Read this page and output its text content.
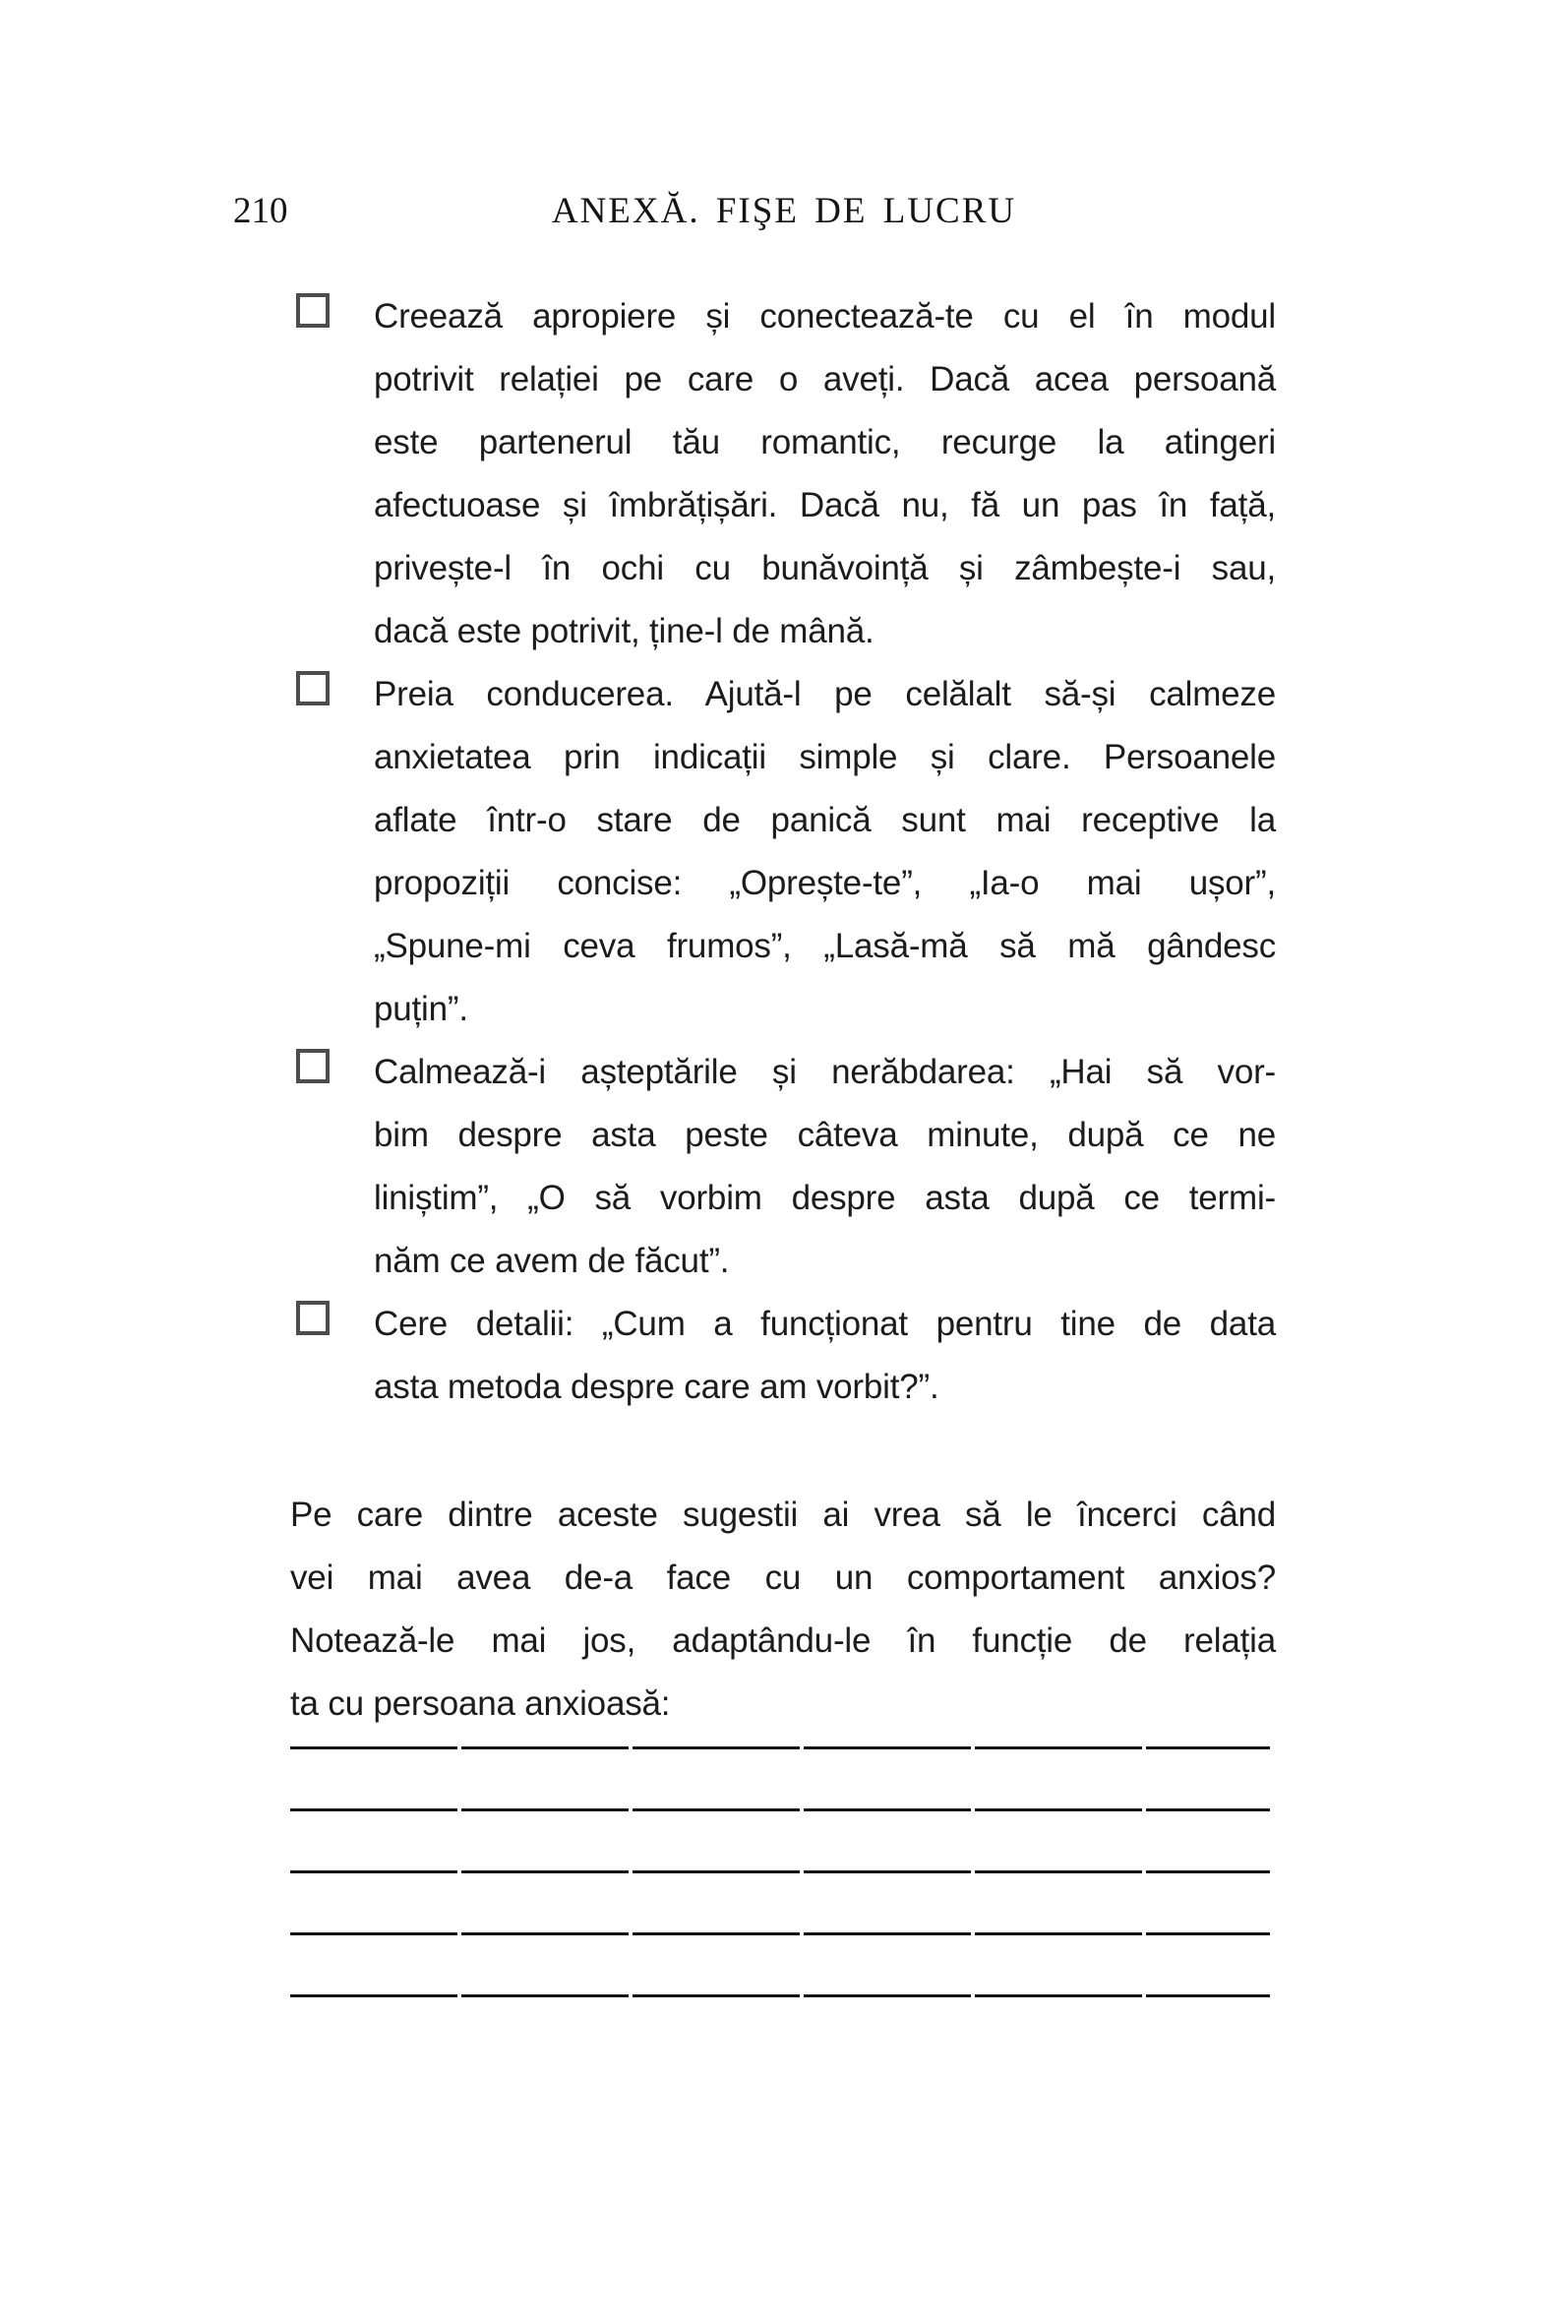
210	ANEXĂ. FIŞE DE LUCRU
Creează apropiere și conectează-te cu el în modul
potrivit relației pe care o aveți. Dacă acea persoană
este partenerul tău romantic, recurge la atingeri
afectuoase și îmbrățișări. Dacă nu, fă un pas în față,
privește-l în ochi cu bunăvoință și zâmbește-i sau,
dacă este potrivit, ține-l de mână.
Preia conducerea. Ajută-l pe celălalt să-și calmeze
anxietatea prin indicații simple și clare. Persoanele
aflate într-o stare de panică sunt mai receptive la
propoziții concise: „Oprește-te”, „Ia-o mai ușor”,
„Spune-mi ceva frumos”, „Lasă-mă să mă gândesc
puțin”.
Calmează-i așteptările și nerăbdarea: „Hai să vor-
bim despre asta peste câteva minute, după ce ne
liniștim”, „O să vorbim despre asta după ce termi-
năm ce avem de făcut”.
Cere detalii: „Cum a funcționat pentru tine de data
asta metoda despre care am vorbit?”.
Pe care dintre aceste sugestii ai vrea să le încerci când
vei mai avea de-a face cu un comportament anxios?
Notează-le mai jos, adaptându-le în funcție de relația
ta cu persoana anxioasă:
